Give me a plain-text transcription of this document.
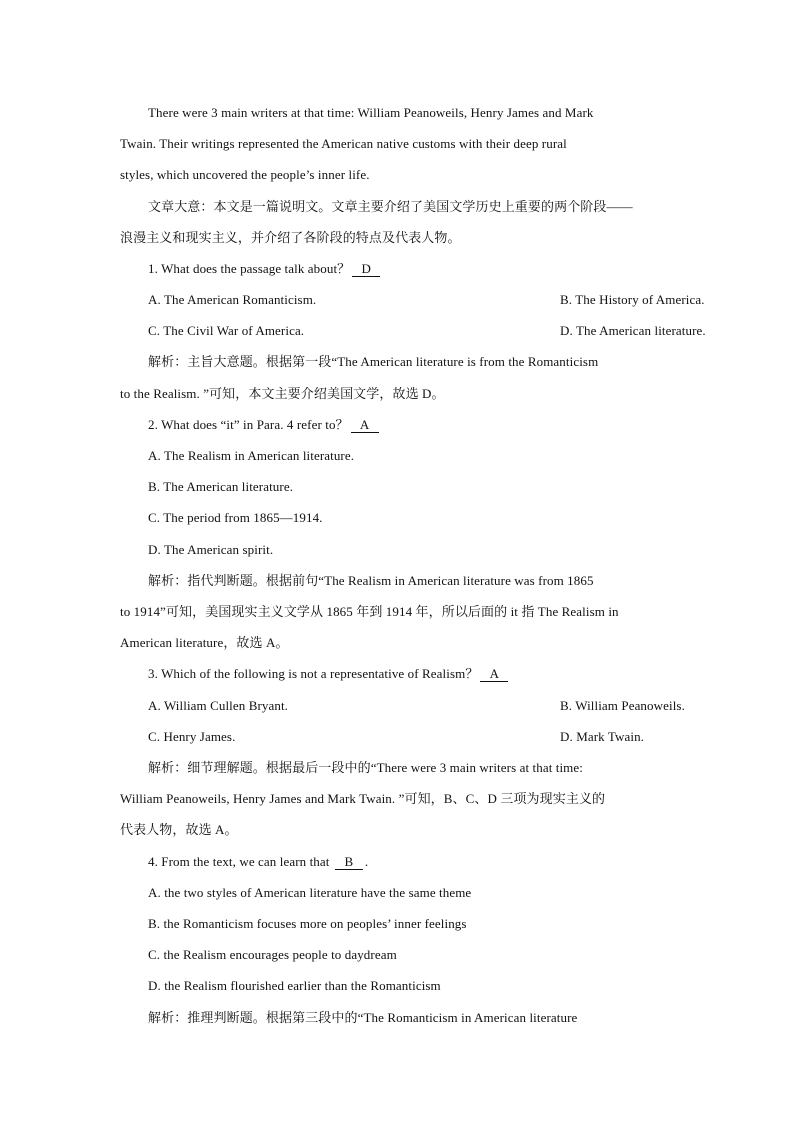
There were 3 main writers at that time: William Peanoweils, Henry James and Mark
Twain. Their writings represented the American native customs with their deep rural
styles, which uncovered the people’s inner life.
文章大意：本文是一篇说明文。文章主要介绍了美国文学历史上重要的两个阶段——
浪漫主义和现实主义，并介绍了各阶段的特点及代表人物。
1. What does the passage talk about？ D
A. The American Romanticism.	B. The History of America.
C. The Civil War of America.	D. The American literature.
解析：主旨大意题。根据第一段“The American literature is from the Romanticism
to the Realism. ”可知，本文主要介绍美国文学，故选 D。
2. What does “it” in Para. 4 refer to？ A
A. The Realism in American literature.
B. The American literature.
C. The period from 1865—1914.
D. The American spirit.
解析：指代判断题。根据前句“The Realism in American literature was from 1865
to 1914”可知，美国现实主义文学从 1865 年到 1914 年，所以后面的 it 指 The Realism in
American literature，故选 A。
3. Which of the following is not a representative of Realism？ A
A. William Cullen Bryant.	B. William Peanoweils.
C. Henry James.	D. Mark Twain.
解析：细节理解题。根据最后一段中的“There were 3 main writers at that time:
William Peanoweils, Henry James and Mark Twain. ”可知，B、C、D 三项为现实主义的
代表人物，故选 A。
4. From the text, we can learn that B .
A. the two styles of American literature have the same theme
B. the Romanticism focuses more on peoples’ inner feelings
C. the Realism encourages people to daydream
D. the Realism flourished earlier than the Romanticism
解析：推理判断题。根据第三段中的“The Romanticism in American literature
